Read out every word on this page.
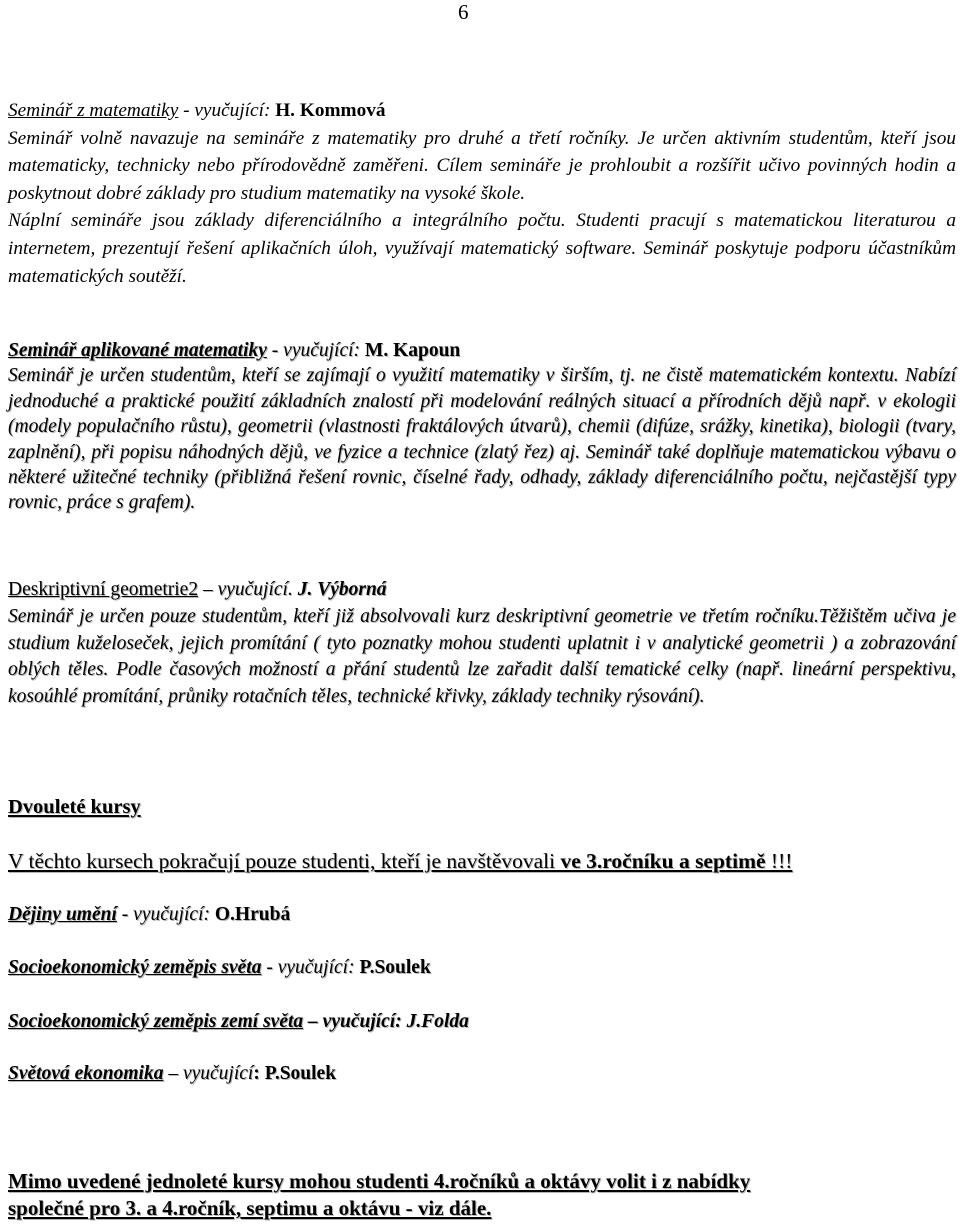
6

Seminář z matematiky - vyučující: H. Kommová

Seminář volně navazuje na semináře z matematiky pro druhé a třetí ročníky. Je určen aktivním studentům, kteří jsou matematicky, technicky nebo přírodovědně zaměřeni. Cílem semináře je prohloubit a rozšířit učivo povinných hodin a poskytnout dobré základy pro studium matematiky na vysoké škole.

Náplní semináře jsou základy diferenciálního a integrálního počtu. Studenti pracují s matematickou literaturou a internetem, prezentují řešení aplikačních úloh, využívají matematický software. Seminář poskytuje podporu účastníkům matematických soutěží.

Seminář aplikované matematiky - vyučující: M. Kapoun

Seminář je určen studentům, kteří se zajímají o využití matematiky v širším, tj. ne čistě matematickém kontextu. Nabízí jednoduché a praktické použití základních znalostí při modelování reálných situací a přírodních dějů např. v ekologii (modely populačního růstu), geometrii (vlastnosti fraktálových útvarů), chemii (difúze, srážky, kinetika), biologii (tvary, zaplnění), při popisu náhodných dějů, ve fyzice a technice (zlatý řez) aj. Seminář také doplňuje matematickou výbavu o některé užitečné techniky (přibližná řešení rovnic, číselné řady, odhady, základy diferenciálního počtu, nejčastější typy rovnic, práce s grafem).

Deskriptivní geometrie2 – vyučující. J. Výborná

Seminář je určen pouze studentům, kteří již absolvovali kurz deskriptivní geometrie ve třetím ročníku.Těžištěm učiva je studium kuželoseček, jejich promítání ( tyto poznatky mohou studenti uplatnit i v analytické geometrii ) a zobrazování oblých těles. Podle časových možností a přání studentů lze zařadit další tematické celky (např. lineární perspektivu, kosoúhlé promítání, průniky rotačních těles, technické křivky, základy techniky rýsování).

Dvouleté kursy
V těchto kursech pokračují pouze studenti, kteří je navštěvovali ve 3.ročníku a septimě !!!
Dějiny umění - vyučující: O.Hrubá
Socioekonomický zeměpis světa - vyučující: P.Soulek
Socioekonomický zeměpis zemí světa – vyučující: J.Folda
Světová ekonomika – vyučující: P.Soulek

Mimo uvedené jednoleté kursy mohou studenti 4.ročníků a oktávy volit i z nabídky

společné pro 3. a 4.ročník, septimu a oktávu - viz dále.
